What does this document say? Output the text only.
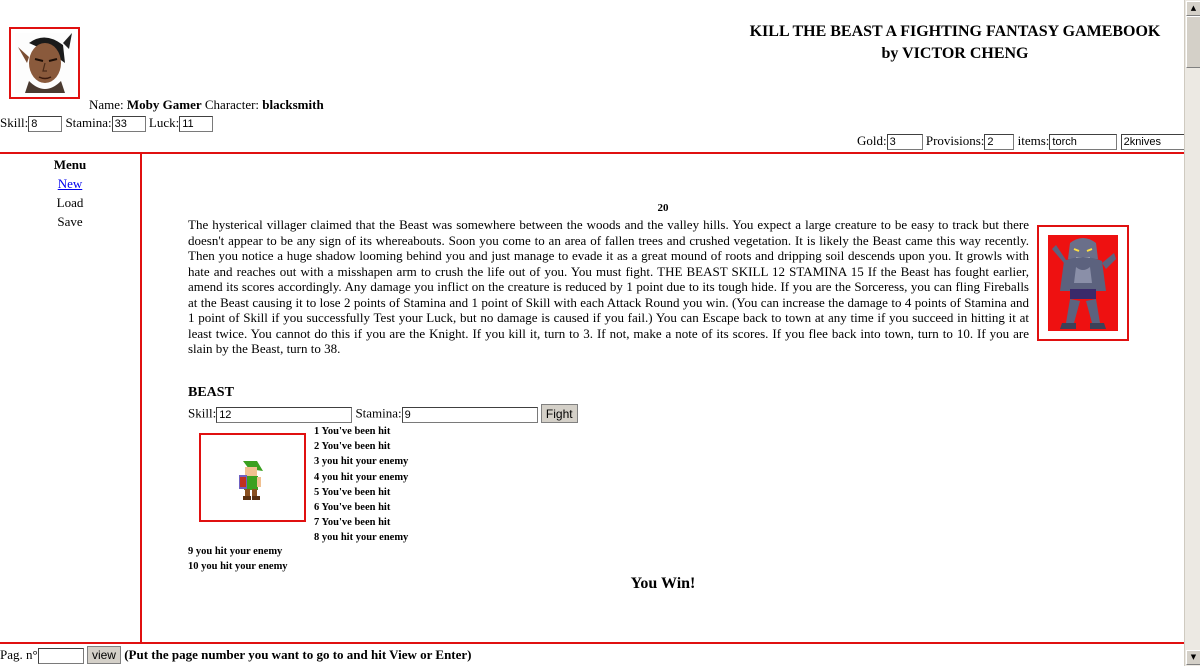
KILL THE BEAST A FIGHTING FANTASY GAMEBOOK
by VICTOR CHENG
Name: Moby Gamer Character: blacksmith
Skill:8	Stamina:33	Luck:11
Gold:3	Provisions:2	items:torch 2knives
Menu
New
Load
Save
20
The hysterical villager claimed that the Beast was somewhere between the woods and the valley hills. You expect a large creature to be easy to track but there doesn't appear to be any sign of its whereabouts. Soon you come to an area of fallen trees and crushed vegetation. It is likely the Beast came this way recently. Then you notice a huge shadow looming behind you and just manage to evade it as a great mound of roots and dripping soil descends upon you. It growls with hate and reaches out with a misshapen arm to crush the life out of you. You must fight. THE BEAST SKILL 12 STAMINA 15 If the Beast has fought earlier, amend its scores accordingly. Any damage you inflict on the creature is reduced by 1 point due to its tough hide. If you are the Sorceress, you can fling Fireballs at the Beast causing it to lose 2 points of Stamina and 1 point of Skill with each Attack Round you win. (You can increase the damage to 4 points of Stamina and 1 point of Skill if you successfully Test your Luck, but no damage is caused if you fail.) You can Escape back to town at any time if you succeed in hitting it at least twice. You cannot do this if you are the Knight. If you kill it, turn to 3. If not, make a note of its scores. If you flee back into town, turn to 10. If you are slain by the Beast, turn to 38.
BEAST
Skill:12	Stamina:9	Fight
1 You've been hit
2 You've been hit
3 you hit your enemy
4 you hit your enemy
5 You've been hit
6 You've been hit
7 You've been hit
8 you hit your enemy
9 you hit your enemy
10 you hit your enemy
You Win!
Pag. n°	view (Put the page number you want to go to and hit View or Enter)
▲
▼
